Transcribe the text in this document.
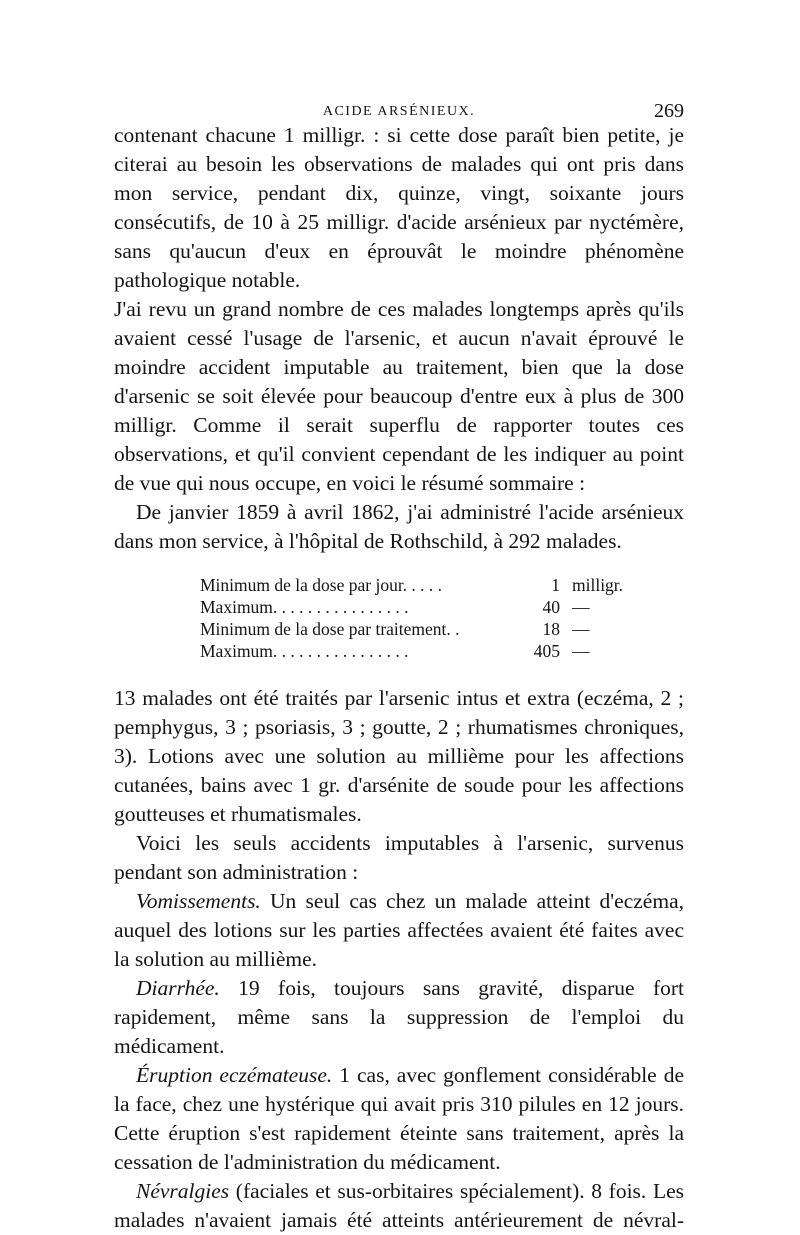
ACIDE ARSÉNIEUX.	269

contenant chacune 1 milligr. : si cette dose paraît bien petite, je citerai au besoin les observations de malades qui ont pris dans mon service, pendant dix, quinze, vingt, soixante jours consécutifs, de 10 à 25 milligr. d'acide arsénieux par nyctémère, sans qu'aucun d'eux en éprouvât le moindre phénomène pathologique notable.

J'ai revu un grand nombre de ces malades longtemps après qu'ils avaient cessé l'usage de l'arsenic, et aucun n'avait éprouvé le moindre accident imputable au traitement, bien que la dose d'arsenic se soit élevée pour beaucoup d'entre eux à plus de 300 milligr. Comme il serait superflu de rapporter toutes ces observations, et qu'il convient cependant de les indiquer au point de vue qui nous occupe, en voici le résumé sommaire :

De janvier 1859 à avril 1862, j'ai administré l'acide arsénieux dans mon service, à l'hôpital de Rothschild, à 292 malades.

Minimum de la dose par jour. . . . .	1	milligr.
Maximum. . . . . . . . . . . . . . . .	40	—
Minimum de la dose par traitement. .	18	—
Maximum. . . . . . . . . . . . . . . .	405	—

13 malades ont été traités par l'arsenic intus et extra (eczéma, 2 ; pemphygus, 3 ; psoriasis, 3 ; goutte, 2 ; rhumatismes chroniques, 3). Lotions avec une solution au millième pour les affections cutanées, bains avec 1 gr. d'arsénite de soude pour les affections goutteuses et rhumatismales.

Voici les seuls accidents imputables à l'arsenic, survenus pendant son administration :

Vomissements. Un seul cas chez un malade atteint d'eczéma, auquel des lotions sur les parties affectées avaient été faites avec la solution au millième.

Diarrhée. 19 fois, toujours sans gravité, disparue fort rapidement, même sans la suppression de l'emploi du médicament.

Éruption eczémateuse. 1 cas, avec gonflement considérable de la face, chez une hystérique qui avait pris 310 pilules en 12 jours. Cette éruption s'est rapidement éteinte sans traitement, après la cessation de l'administration du médicament.

Névralgies (faciales et sus-orbitaires spécialement). 8 fois. Les malades n'avaient jamais été atteints antérieurement de névral-
